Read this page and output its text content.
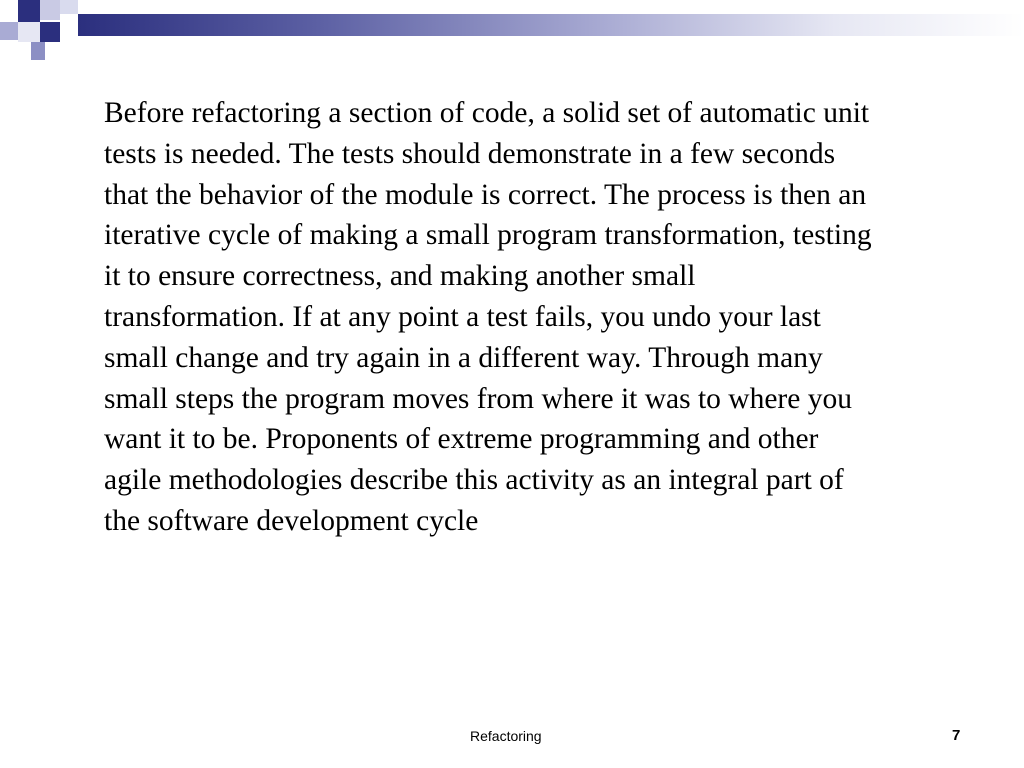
Before refactoring a section of code, a solid set of automatic unit tests is needed. The tests should demonstrate in a few seconds that the behavior of the module is correct. The process is then an iterative cycle of making a small program transformation, testing it to ensure correctness, and making another small transformation. If at any point a test fails, you undo your last small change and try again in a different way. Through many small steps the program moves from where it was to where you want it to be. Proponents of extreme programming and other agile methodologies describe this activity as an integral part of the software development cycle

Refactoring	7
